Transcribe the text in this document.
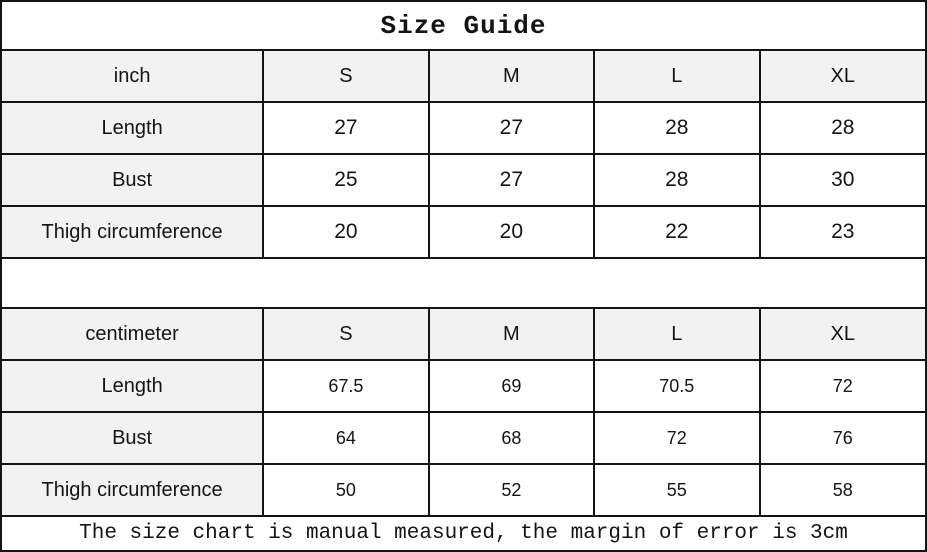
Size Guide
inch	S	M	L	XL
Length	27	27	28	28
Bust	25	27	28	30
Thigh circumference	20	20	22	23
centimeter	S	M	L	XL
Length	67.5	69	70.5	72
Bust	64	68	72	76
Thigh circumference	50	52	55	58
The size chart is manual measured, the margin of error is 3cm
